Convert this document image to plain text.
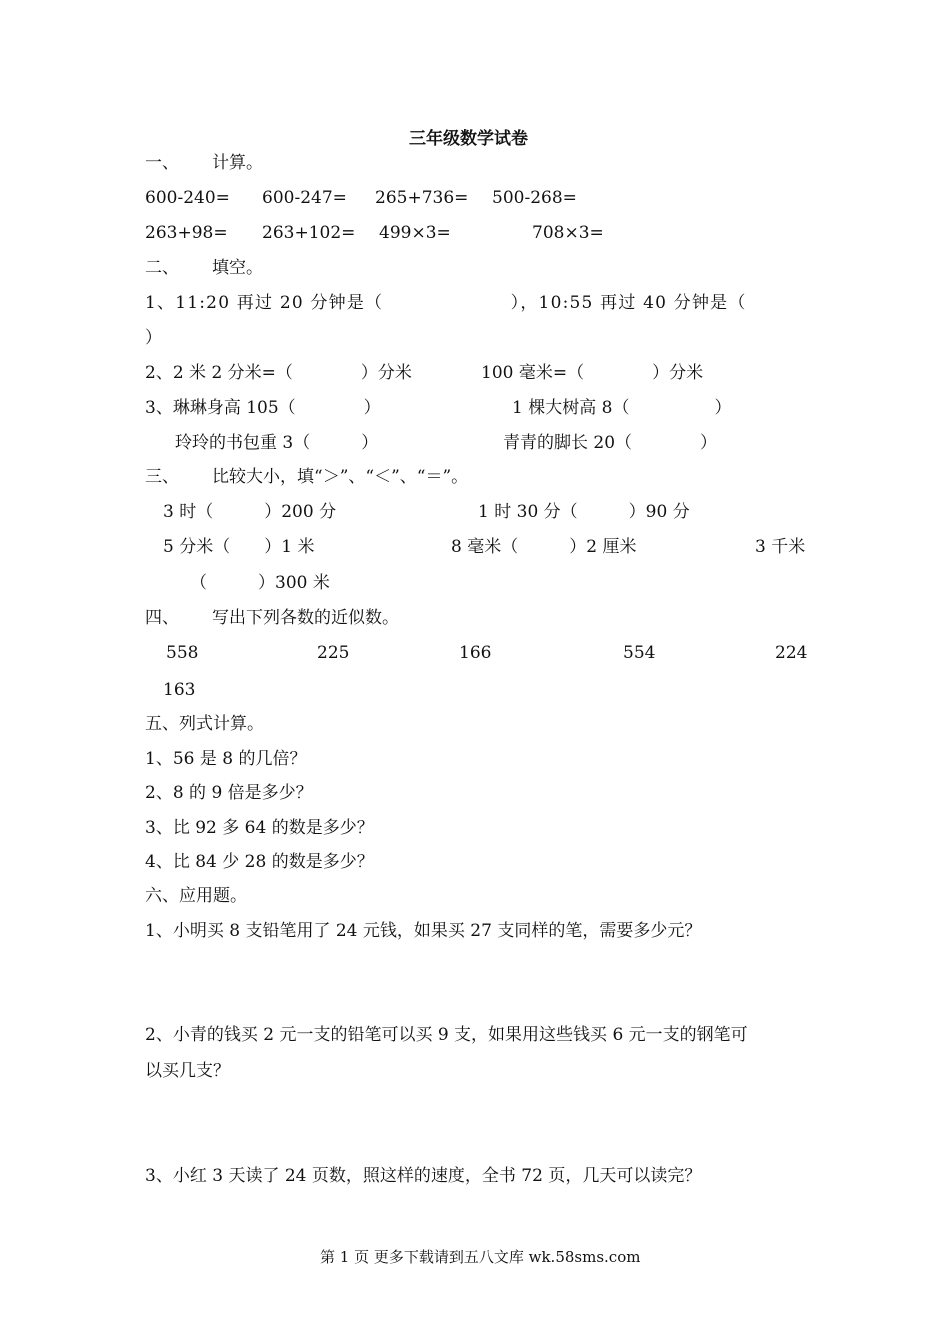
三年级数学试卷
一、 计算。
600-240= 600-247= 265+736= 500-268=
263+98= 263+102= 499×3=	708×3=
二、 填空。
1、11:20 再过 20 分钟是（　　　　　　　），10:55 再过 40 分钟是（
）
2、2 米 2 分米=（　　　　）分米	100 毫米=（　　　　）分米
3、琳琳身高 105（　　　　）	1 棵大树高 8（　　　　　）
玲玲的书包重 3（　　　）	青青的脚长 20（　　　　）
三、 比较大小，填“＞”、“＜”、“＝”。
3 时（　　　）200 分	1 时 30 分（　　　）90 分
5 分米（　　）1 米	8 毫米（　　　）2 厘米	3 千米
（　　　）300 米
四、 写出下列各数的近似数。
558	225	166	554	224
163
五、列式计算。
1、56 是 8 的几倍？
2、8 的 9 倍是多少？
3、比 92 多 64 的数是多少？
4、比 84 少 28 的数是多少？
六、应用题。
1、小明买 8 支铅笔用了 24 元钱，如果买 27 支同样的笔，需要多少元？
2、小青的钱买 2 元一支的铅笔可以买 9 支，如果用这些钱买 6 元一支的钢笔可
以买几支？
3、小红 3 天读了 24 页数，照这样的速度，全书 72 页，几天可以读完？
第 1 页 更多下载请到五八文库 wk.58sms.com
